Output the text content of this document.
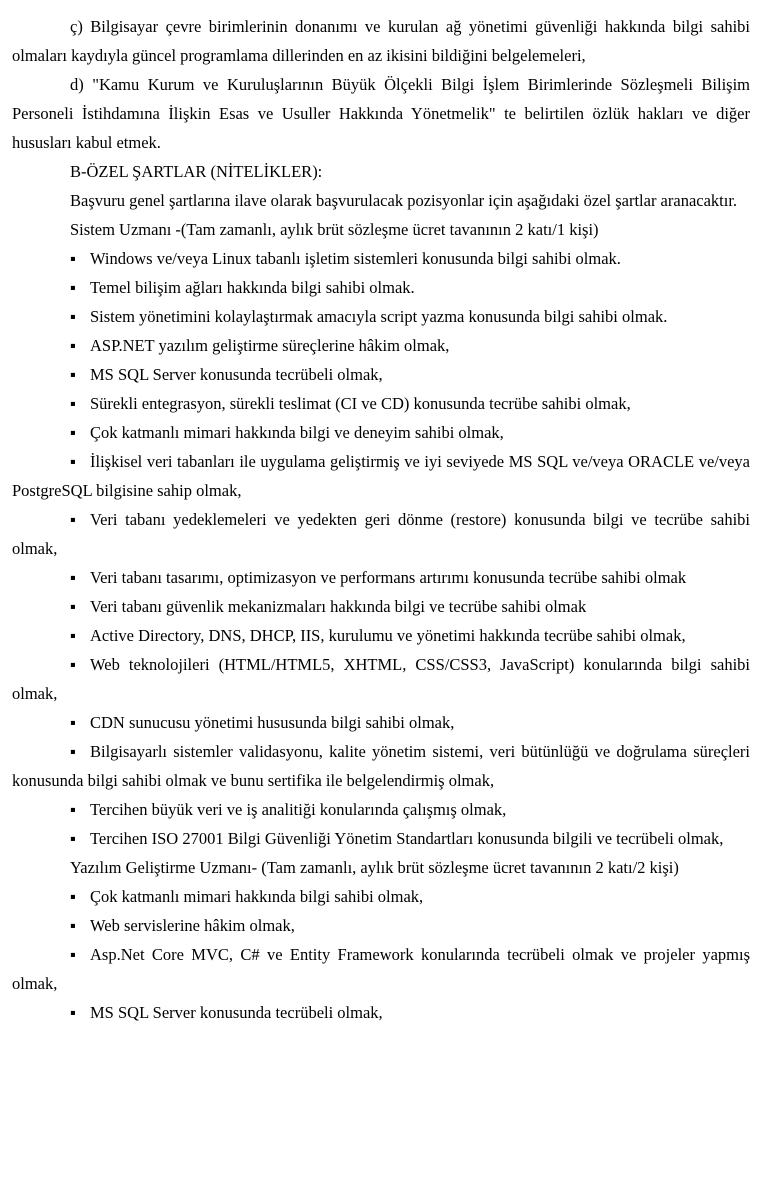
ç) Bilgisayar çevre birimlerinin donanımı ve kurulan ağ yönetimi güvenliği hakkında bilgi sahibi olmaları kaydıyla güncel programlama dillerinden en az ikisini bildiğini belgelemeleri,

d) "Kamu Kurum ve Kuruluşlarının Büyük Ölçekli Bilgi İşlem Birimlerinde Sözleşmeli Bilişim Personeli İstihdamına İlişkin Esas ve Usuller Hakkında Yönetmelik" te belirtilen özlük hakları ve diğer hususları kabul etmek.

B-ÖZEL ŞARTLAR (NİTELİKLER):

Başvuru genel şartlarına ilave olarak başvurulacak pozisyonlar için aşağıdaki özel şartlar aranacaktır.

Sistem Uzmanı -(Tam zamanlı, aylık brüt sözleşme ücret tavanının 2 katı/1 kişi)

▪ Windows ve/veya Linux tabanlı işletim sistemleri konusunda bilgi sahibi olmak.

▪ Temel bilişim ağları hakkında bilgi sahibi olmak.

▪ Sistem yönetimini kolaylaştırmak amacıyla script yazma konusunda bilgi sahibi olmak.

▪ ASP.NET yazılım geliştirme süreçlerine hâkim olmak,

▪ MS SQL Server konusunda tecrübeli olmak,

▪ Sürekli entegrasyon, sürekli teslimat (CI ve CD) konusunda tecrübe sahibi olmak,

▪ Çok katmanlı mimari hakkında bilgi ve deneyim sahibi olmak,

▪ İlişkisel veri tabanları ile uygulama geliştirmiş ve iyi seviyede MS SQL ve/veya ORACLE ve/veya PostgreSQL bilgisine sahip olmak,

▪ Veri tabanı yedeklemeleri ve yedekten geri dönme (restore) konusunda bilgi ve tecrübe sahibi olmak,

▪ Veri tabanı tasarımı, optimizasyon ve performans artırımı konusunda tecrübe sahibi olmak

▪ Veri tabanı güvenlik mekanizmaları hakkında bilgi ve tecrübe sahibi olmak

▪ Active Directory, DNS, DHCP, IIS, kurulumu ve yönetimi hakkında tecrübe sahibi olmak,

▪ Web teknolojileri (HTML/HTML5, XHTML, CSS/CSS3, JavaScript) konularında bilgi sahibi olmak,

▪ CDN sunucusu yönetimi hususunda bilgi sahibi olmak,

▪ Bilgisayarlı sistemler validasyonu, kalite yönetim sistemi, veri bütünlüğü ve doğrulama süreçleri konusunda bilgi sahibi olmak ve bunu sertifika ile belgelendirmiş olmak,

▪ Tercihen büyük veri ve iş analitiği konularında çalışmış olmak,

▪ Tercihen ISO 27001 Bilgi Güvenliği Yönetim Standartları konusunda bilgili ve tecrübeli olmak,

Yazılım Geliştirme Uzmanı- (Tam zamanlı, aylık brüt sözleşme ücret tavanının 2 katı/2 kişi)

▪ Çok katmanlı mimari hakkında bilgi sahibi olmak,

▪ Web servislerine hâkim olmak,

▪ Asp.Net Core MVC, C# ve Entity Framework konularında tecrübeli olmak ve projeler yapmış olmak,

▪ MS SQL Server konusunda tecrübeli olmak,
